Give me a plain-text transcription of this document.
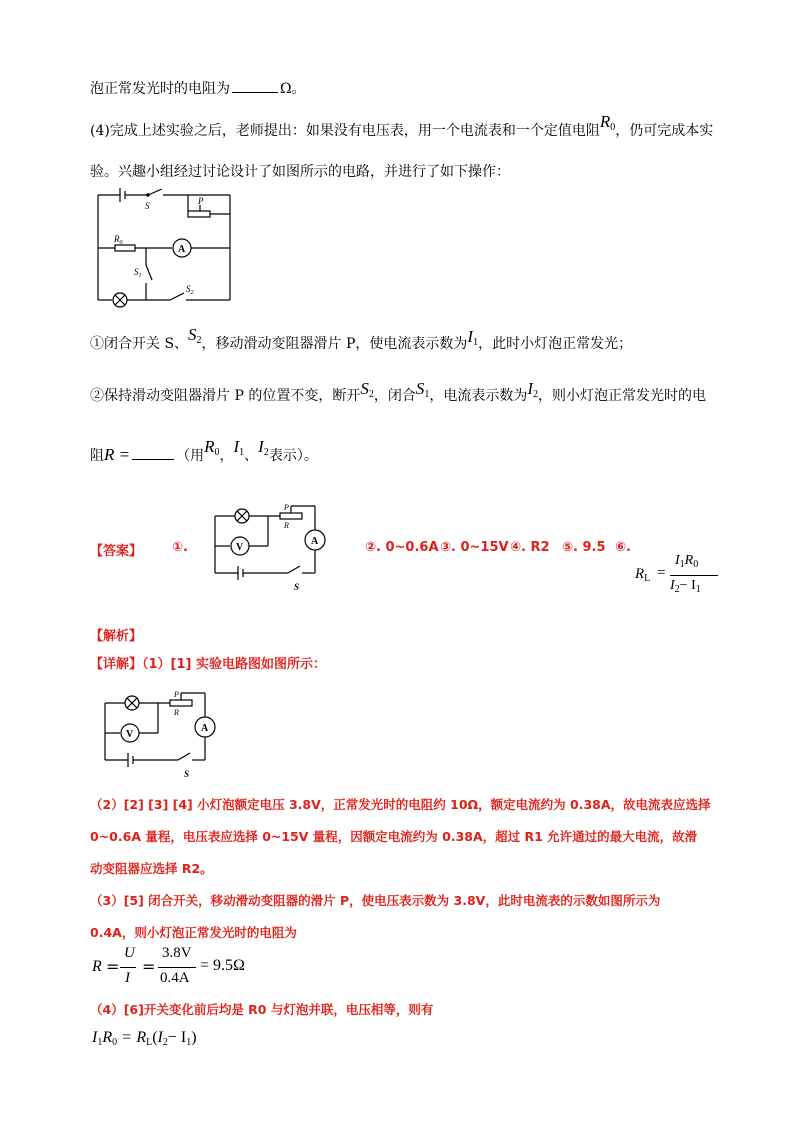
泡正常发光时的电阻为	Ω。
(4)完成上述实验之后，老师提出：如果没有电压表，用一个电流表和一个定值电阻$R_0$，仍可完成本实
验。兴趣小组经过讨论设计了如图所示的电路，并进行了如下操作：
S	P
$R_0$
A
$S_1$
$S_2$
①闭合开关 S、$S_2$，移动滑动变阻器滑片 P，使电流表示数为$I_1$，此时小灯泡正常发光；
②保持滑动变阻器滑片 P 的位置不变，断开$S_2$，闭合$S_1$，电流表示数为$I_2$，则小灯泡正常发光时的电
阻R =	（用$R_0$，$I_1$、$I_2$表示）。
【答案】 ①.
P
R
A
V
S
②. 0~0.6A ③. 0~15V ④. R2 ⑤. 9.5 ⑥.
$R_L$ =
$I_1R_0$
$I_2- I_1$
【解析】
【详解】（1）[1] 实验电路图如图所示：
P
R
A
V
S
（2）[2] [3] [4] 小灯泡额定电压 3.8V，正常发光时的电阻约 10Ω，额定电流约为 0.38A，故电流表应选择
0~0.6A 量程，电压表应选择 0~15V 量程，因额定电流约为 0.38A，超过 R1 允许通过的最大电流，故滑
动变阻器应选择 R2。
（3）[5] 闭合开关，移动滑动变阻器的滑片 P，使电压表示数为 3.8V，此时电流表的示数如图所示为
0.4A，则小灯泡正常发光时的电阻为
R =
U
I
=
3.8V
0.4A
= 9.5Ω
（4）[6]开关变化前后均是 R0 与灯泡并联，电压相等，则有
$I_1R_0 = R_L(I_2- I_1)$
